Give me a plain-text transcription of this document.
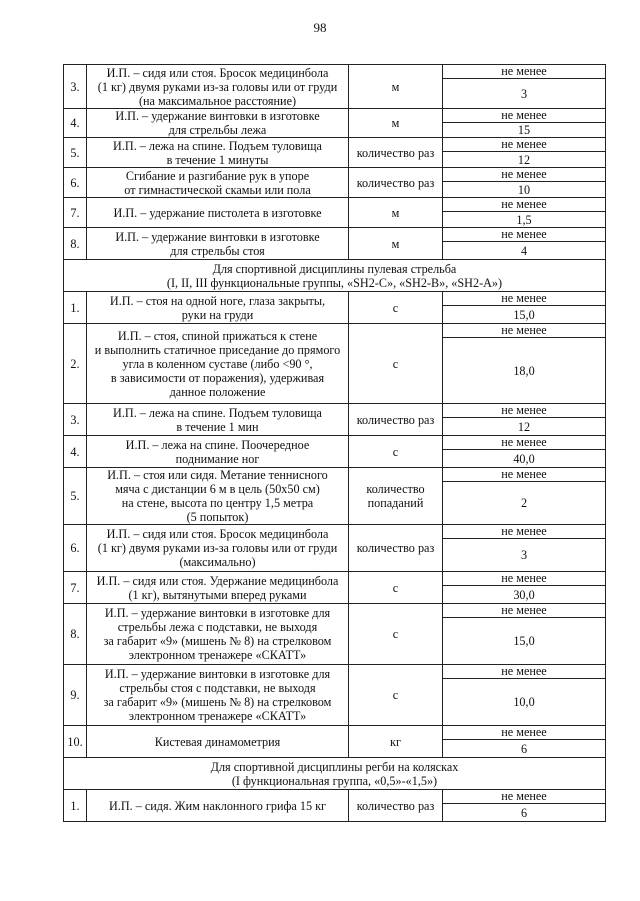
98
3.	И.П. – сидя или стоя. Бросок медицинбола
(1 кг) двумя руками из-за головы или от груди
(на максимальное расстояние)	м	не менее
			3
4.	И.П. – удержание винтовки в изготовке
для стрельбы лежа	м	не менее
			15
5.	И.П. – лежа на спине. Подъем туловища
в течение 1 минуты	количество раз	не менее
			12
6.	Сгибание и разгибание рук в упоре
от гимнастической скамьи или пола	количество раз	не менее
			10
7.	И.П. – удержание пистолета в изготовке	м	не менее
			1,5
8.	И.П. – удержание винтовки в изготовке
для стрельбы стоя	м	не менее
			4

Для спортивной дисциплины пулевая стрельба
(I, II, III функциональные группы, «SH2-C», «SH2-B», «SH2-A»)			

1.	И.П. – стоя на одной ноге, глаза закрыты,
руки на груди	с	не менее
			15,0
2.	И.П. – стоя, спиной прижаться к стене
и выполнить статичное приседание до прямого
угла в коленном суставе (либо <90 °,
в зависимости от поражения), удерживая
данное положение	с	не менее
			18,0
3.	И.П. – лежа на спине. Подъем туловища
в течение 1 мин	количество раз	не менее
			12
4.	И.П. – лежа на спине. Поочередное
поднимание ног	с	не менее
			40,0
5.	И.П. – стоя или сидя. Метание теннисного
мяча с дистанции 6 м в цель (50х50 см)
на стене, высота по центру 1,5 метра
(5 попыток)	количество попаданий	не менее
			2
6.	И.П. – сидя или стоя. Бросок медицинбола
(1 кг) двумя руками из-за головы или от груди
(максимально)	количество раз	не менее
			3
7.	И.П. – сидя или стоя. Удержание медицинбола
(1 кг), вытянутыми вперед руками	с	не менее
			30,0
8.	И.П. – удержание винтовки в изготовке для
стрельбы лежа с подставки, не выходя
за габарит «9» (мишень № 8) на стрелковом
электронном тренажере «СКАТТ»	с	не менее
			15,0
9.	И.П. – удержание винтовки в изготовке для
стрельбы стоя с подставки, не выходя
за габарит «9» (мишень № 8) на стрелковом
электронном тренажере «СКАТТ»	с	не менее
			10,0
10.	Кистевая динамометрия	кг	не менее
			6

Для спортивной дисциплины регби на колясках
(I функциональная группа, «0,5»-«1,5»)			

1.	И.П. – сидя. Жим наклонного грифа 15 кг	количество раз	не менее
			6
